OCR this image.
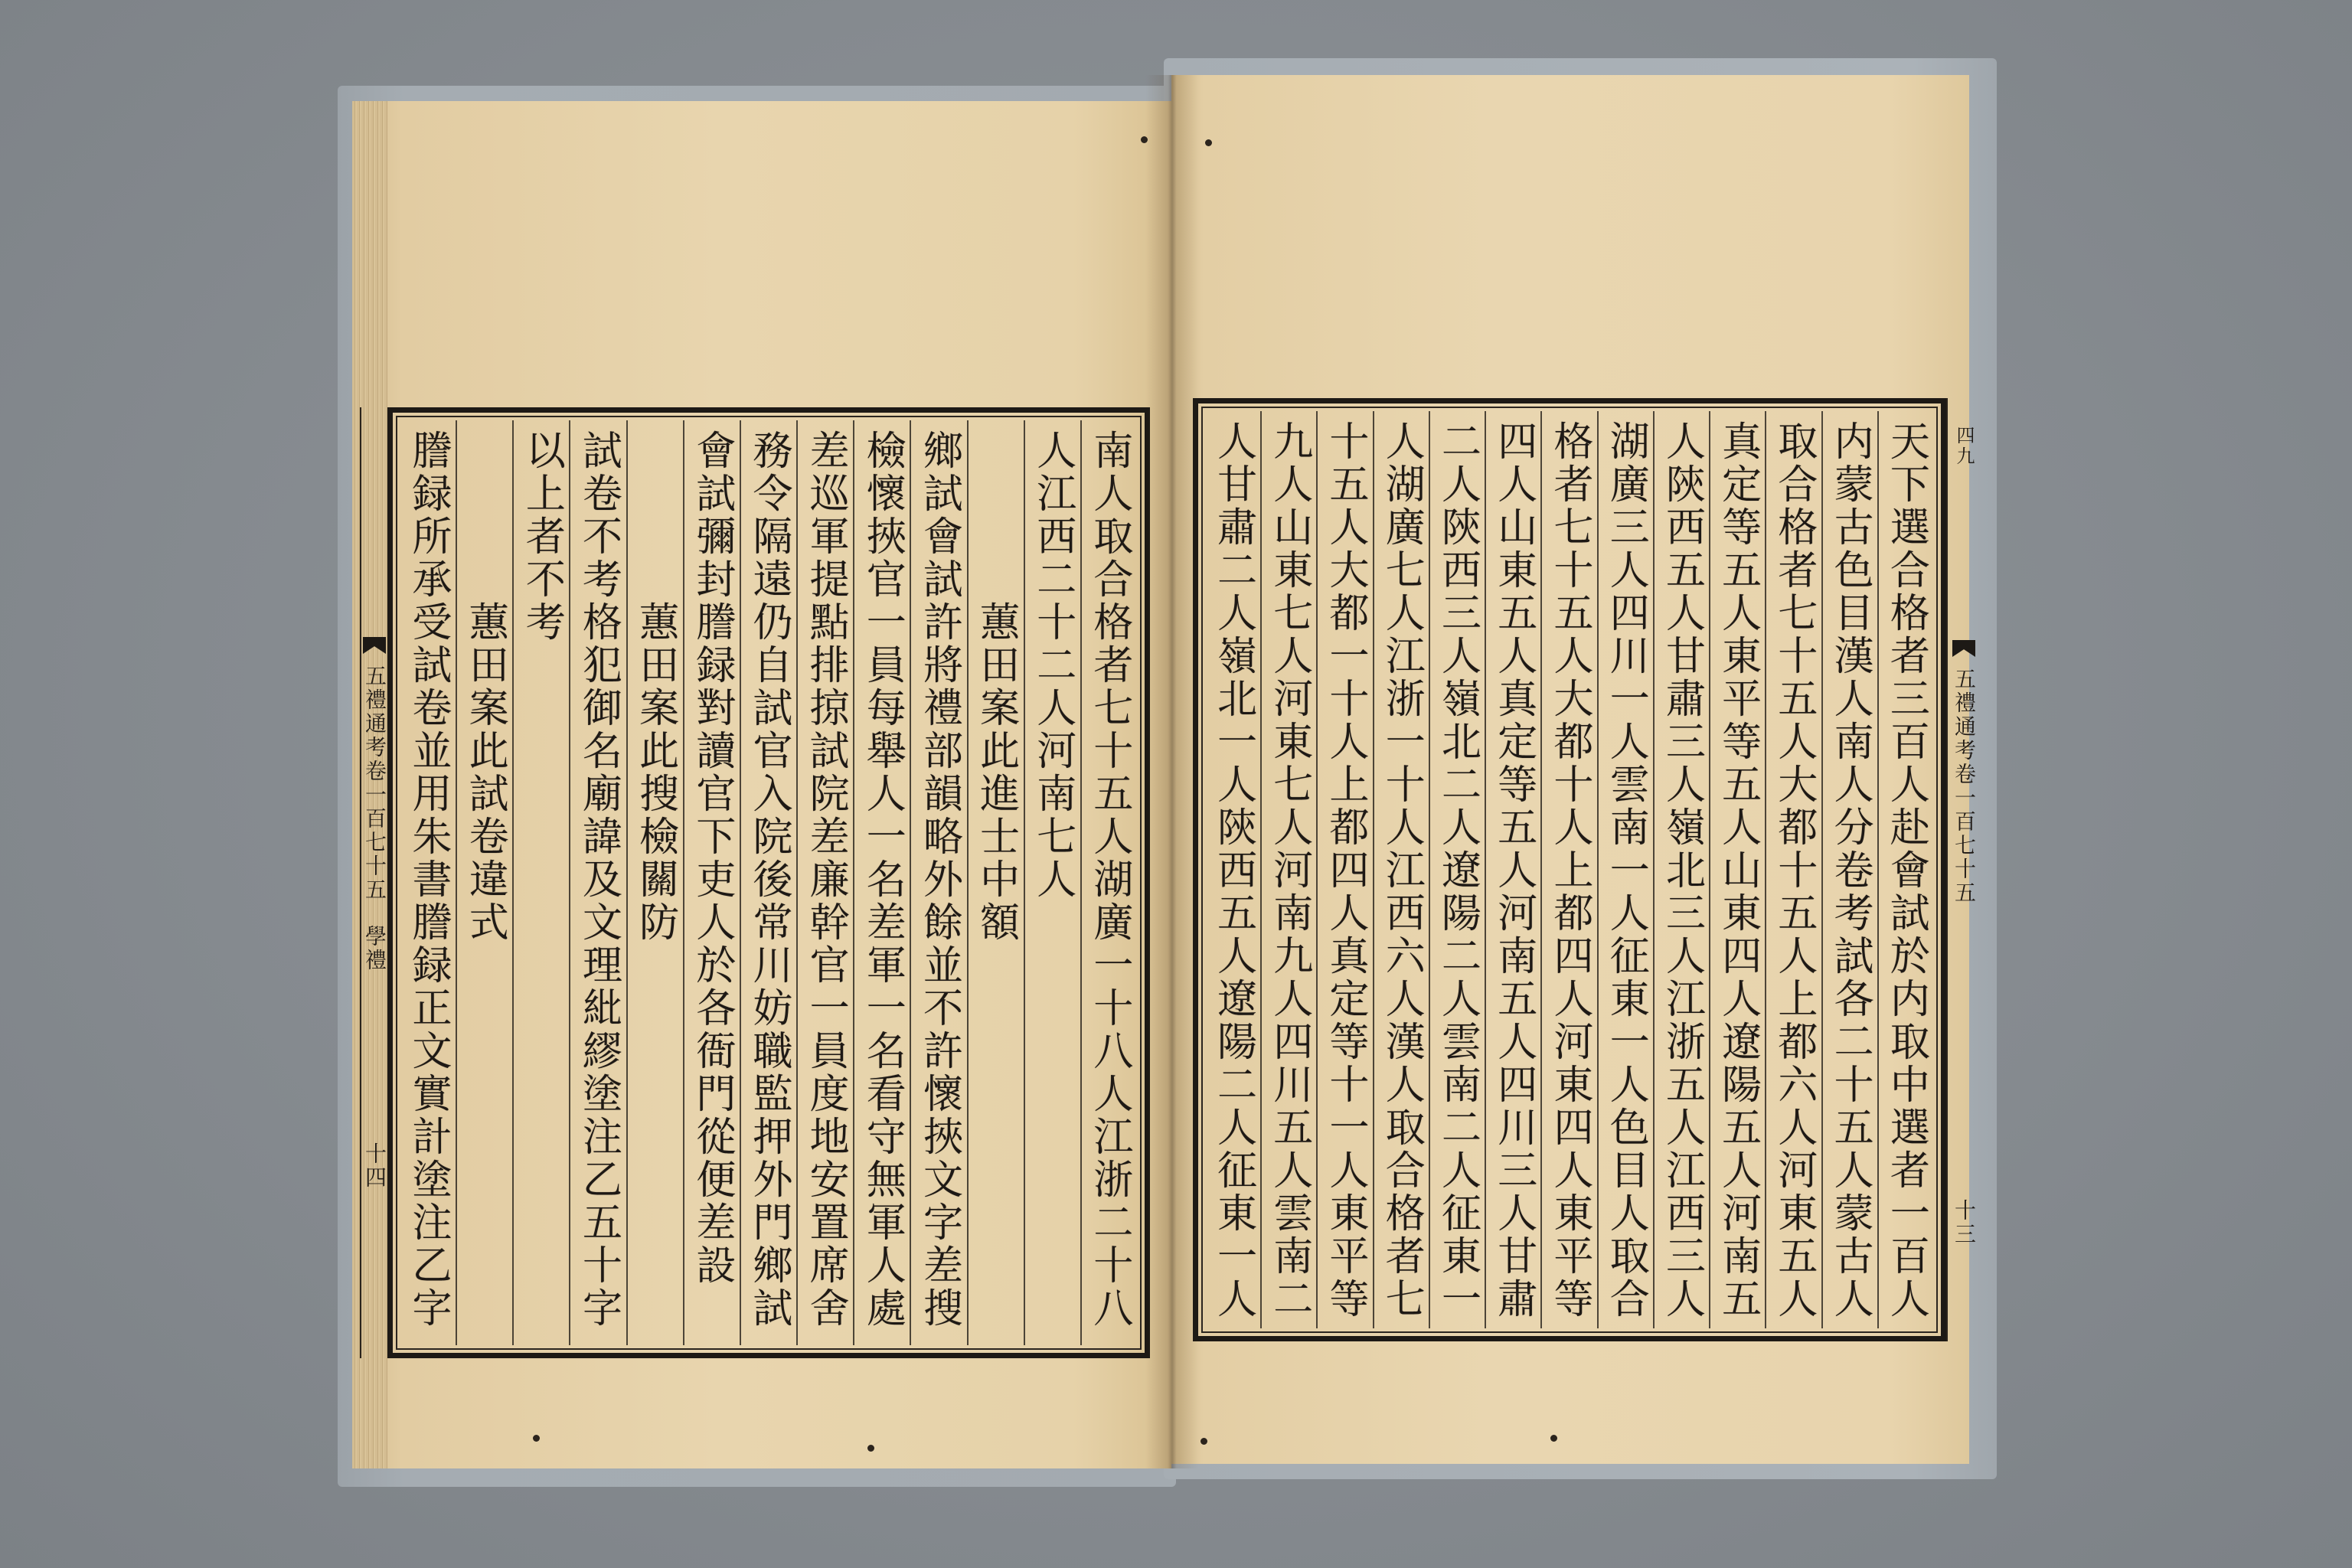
五禮通考卷一百七十五
學禮
十四	南人取合格者七十五人湖廣一十八人江浙二十八
人江西二十二人河南七人
蕙田案此進士中額
鄉試會試許將禮部韻略外餘並不許懷挾文字差搜
檢懷挾官一員每舉人一名差軍一名看守無軍人處
差巡軍提點排掠試院差廉幹官一員度地安置席舍
務令隔遠仍自試官入院後常川妨職監押外門鄉試
會試彌封謄録對讀官下吏人於各衙門從便差設
蕙田案此搜檢關防
試卷不考格犯御名廟諱及文理紕繆塗注乙五十字
以上者不考
蕙田案此試卷違式
謄録所承受試卷並用朱書謄録正文實計塗注乙字	天下選合格者三百人赴會試於内取中選者一百人
内蒙古色目漢人南人分卷考試各二十五人蒙古人
取合格者七十五人大都十五人上都六人河東五人
真定等五人東平等五人山東四人遼陽五人河南五
人陝西五人甘肅三人嶺北三人江浙五人江西三人
湖廣三人四川一人雲南一人征東一人色目人取合
格者七十五人大都十人上都四人河東四人東平等
四人山東五人真定等五人河南五人四川三人甘肅
二人陝西三人嶺北二人遼陽二人雲南二人征東一
人湖廣七人江浙一十人江西六人漢人取合格者七
十五人大都一十人上都四人真定等十一人東平等
九人山東七人河東七人河南九人四川五人雲南二
人甘肅二人嶺北一人陝西五人遼陽二人征東一人	四九
五禮通考卷一百七十五
十三
